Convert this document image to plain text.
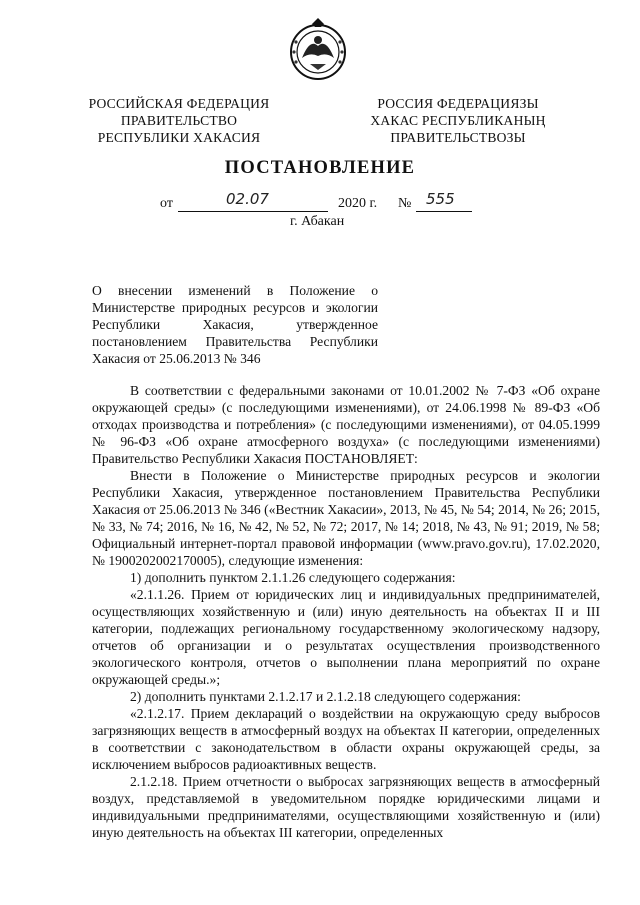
РОССИЙСКАЯ ФЕДЕРАЦИЯ
ПРАВИТЕЛЬСТВО
РЕСПУБЛИКИ ХАКАСИЯ
РОССИЯ ФЕДЕРАЦИЯЗЫ
ХАКАС РЕСПУБЛИКАНЫҢ
ПРАВИТЕЛЬСТВОЗЫ
ПОСТАНОВЛЕНИЕ
от	02.07	2020 г. № 555
г. Абакан
О внесении изменений в Положение о Министерстве природных ресурсов и экологии Республики Хакасия, утвержденное постановлением Правительства Республики Хакасия от 25.06.2013 № 346

В соответствии с федеральными законами от 10.01.2002 № 7-ФЗ «Об охране окружающей среды» (с последующими изменениями), от 24.06.1998 № 89-ФЗ «Об отходах производства и потребления» (с последующими изменениями), от 04.05.1999 № 96-ФЗ «Об охране атмосферного воздуха» (с последующими изменениями) Правительство Республики Хакасия ПОСТАНОВЛЯЕТ:

Внести в Положение о Министерстве природных ресурсов и экологии Республики Хакасия, утвержденное постановлением Правительства Республики Хакасия от 25.06.2013 № 346 («Вестник Хакасии», 2013, № 45, № 54; 2014, № 26; 2015, № 33, № 74; 2016, № 16, № 42, № 52, № 72; 2017, № 14; 2018, № 43, № 91; 2019, № 58; Официальный интернет-портал правовой информации (www.pravo.gov.ru), 17.02.2020, № 1900202002170005), следующие изменения:

1) дополнить пунктом 2.1.1.26 следующего содержания:

«2.1.1.26. Прием от юридических лиц и индивидуальных предпринимателей, осуществляющих хозяйственную и (или) иную деятельность на объектах II и III категории, подлежащих региональному государственному экологическому надзору, отчетов об организации и о результатах осуществления производственного экологического контроля, отчетов о выполнении плана мероприятий по охране окружающей среды.»;

2) дополнить пунктами 2.1.2.17 и 2.1.2.18 следующего содержания:

«2.1.2.17. Прием деклараций о воздействии на окружающую среду выбросов загрязняющих веществ в атмосферный воздух на объектах II категории, определенных в соответствии с законодательством в области охраны окружающей среды, за исключением выбросов радиоактивных веществ.

2.1.2.18. Прием отчетности о выбросах загрязняющих веществ в атмосферный воздух, представляемой в уведомительном порядке юридическими лицами и индивидуальными предпринимателями, осуществляющими хозяйственную и (или) иную деятельность на объектах III категории, определенных
